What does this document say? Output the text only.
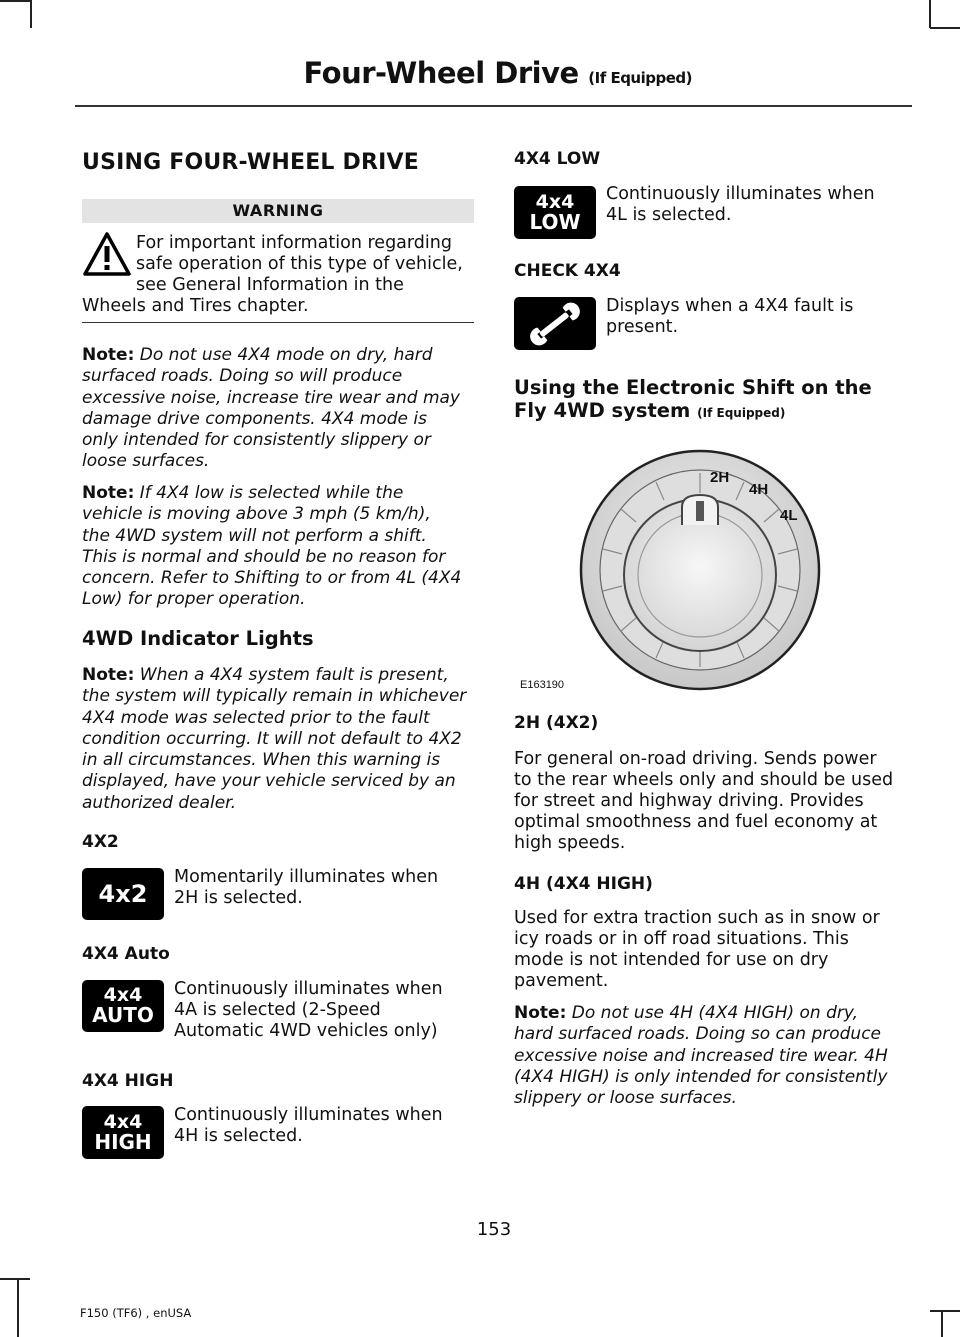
Four-Wheel Drive (If Equipped)
USING FOUR-WHEEL DRIVE
WARNING
For important information regarding
safe operation of this type of vehicle,
see General Information in the
Wheels and Tires chapter.
Note: Do not use 4X4 mode on dry, hard
surfaced roads. Doing so will produce
excessive noise, increase tire wear and may
damage drive components. 4X4 mode is
only intended for consistently slippery or
loose surfaces.
Note: If 4X4 low is selected while the
vehicle is moving above 3 mph (5 km/h),
the 4WD system will not perform a shift.
This is normal and should be no reason for
concern. Refer to Shifting to or from 4L (4X4
Low) for proper operation.
4WD Indicator Lights
Note: When a 4X4 system fault is present,
the system will typically remain in whichever
4X4 mode was selected prior to the fault
condition occurring. It will not default to 4X2
in all circumstances. When this warning is
displayed, have your vehicle serviced by an
authorized dealer.
4X2
4x2
Momentarily illuminates when
2H is selected.
4X4 Auto
4x4
AUTO
Continuously illuminates when
4A is selected (2-Speed
Automatic 4WD vehicles only)
4X4 HIGH
4x4
HIGH
Continuously illuminates when
4H is selected.
4X4 LOW
4x4
LOW
Continuously illuminates when
4L is selected.
CHECK 4X4
Displays when a 4X4 fault is
present.
Using the Electronic Shift on the
Fly 4WD system (If Equipped)
2H
4H
4L
E163190
2H (4X2)
For general on-road driving. Sends power
to the rear wheels only and should be used
for street and highway driving. Provides
optimal smoothness and fuel economy at
high speeds.
4H (4X4 HIGH)
Used for extra traction such as in snow or
icy roads or in off road situations. This
mode is not intended for use on dry
pavement.
Note: Do not use 4H (4X4 HIGH) on dry,
hard surfaced roads. Doing so can produce
excessive noise and increased tire wear. 4H
(4X4 HIGH) is only intended for consistently
slippery or loose surfaces.
153
F150 (TF6) , enUSA
